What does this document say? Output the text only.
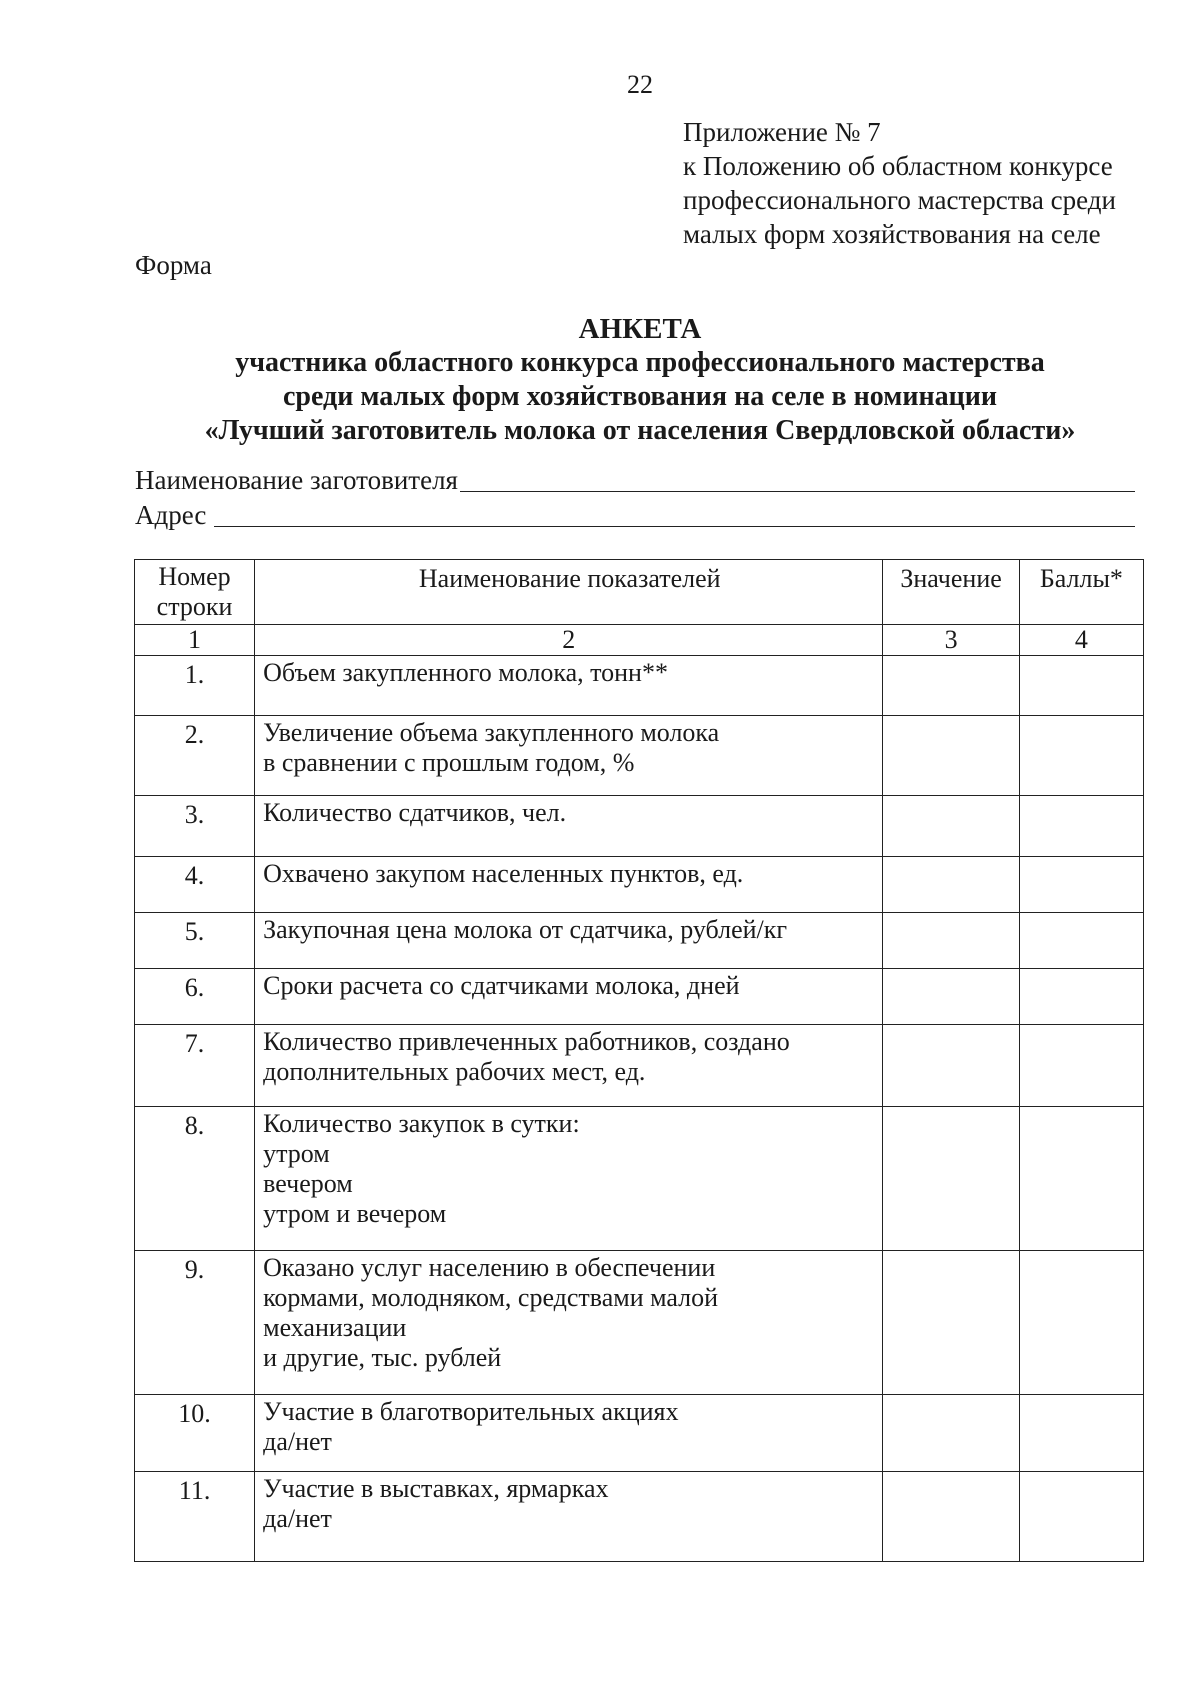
22
Приложение № 7
к Положению об областном конкурсе
профессионального мастерства среди
малых форм хозяйствования на селе
Форма
АНКЕТА
участника областного конкурса профессионального мастерства
среди малых форм хозяйствования на селе в номинации
«Лучший заготовитель молока от населения Свердловской области»
Наименование заготовителя
Адрес
Номер строки	Наименование показателей	Значение	Баллы*
1	2	3	4
1.	Объем закупленного молока, тонн**		

2.	Увеличение объема закупленного молока
в сравнении с прошлым годом, %		

3.	Количество сдатчиков, чел.		

4.	Охвачено закупом населенных пунктов, ед.		

5.	Закупочная цена молока от сдатчика, рублей/кг		

6.	Сроки расчета со сдатчиками молока, дней		

7.	Количество привлеченных работников, создано
дополнительных рабочих мест, ед.		

8.	Количество закупок в сутки:
утром
вечером
утром и вечером		

9.	Оказано услуг населению в обеспечении
кормами, молодняком, средствами малой
механизации
и другие, тыс. рублей		

10.	Участие в благотворительных акциях
да/нет		

11.	Участие в выставках, ярмарках
да/нет		
